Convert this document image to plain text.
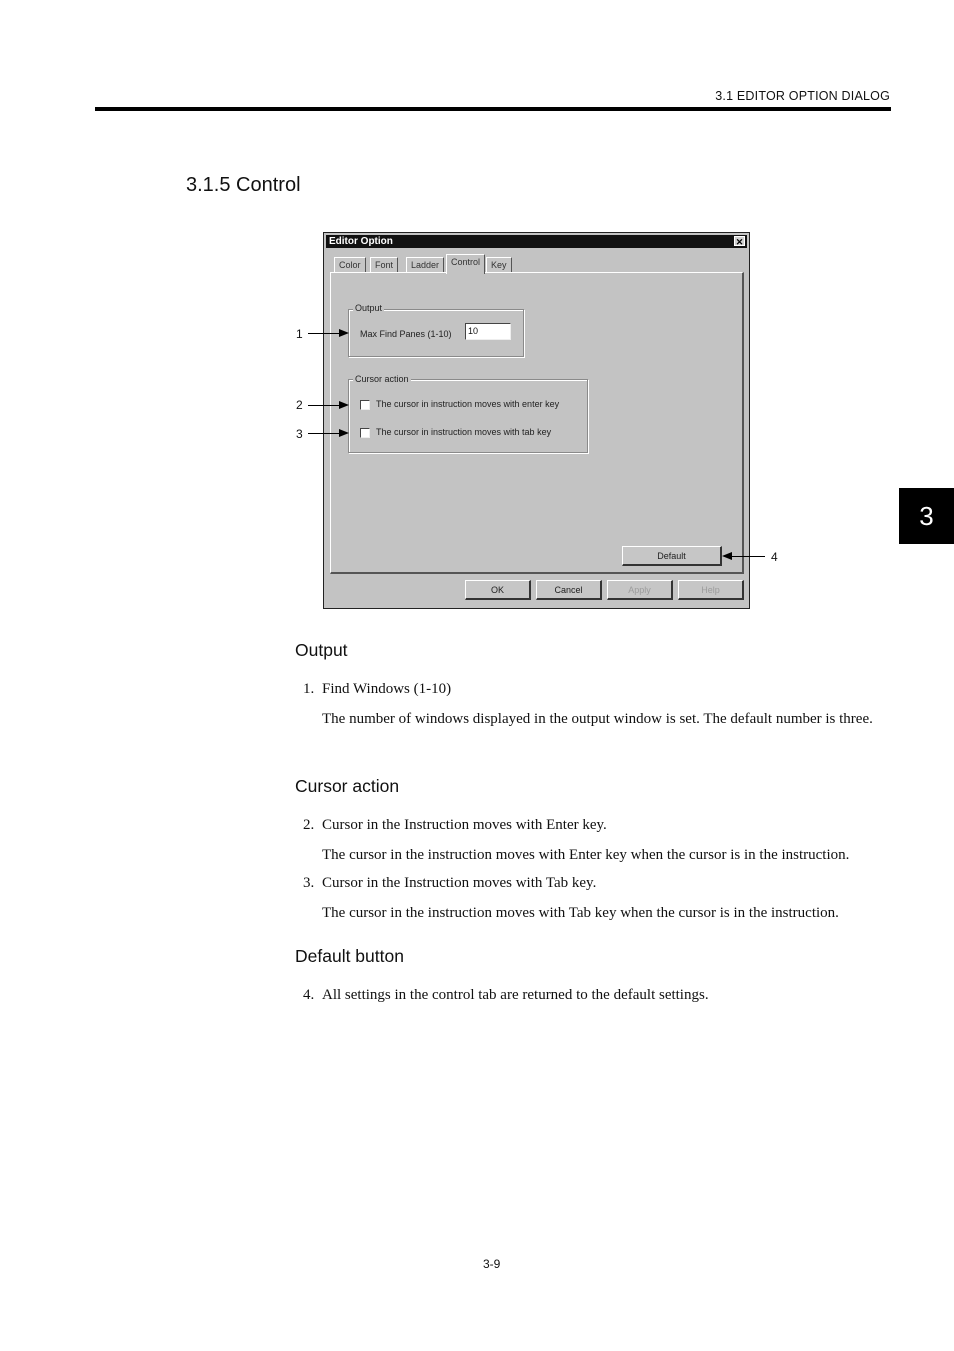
3.1 EDITOR OPTION DIALOG
3.1.5 Control
3
Editor Option	✕
Color	Font	Ladder	Control	Key
Output
Max Find Panes (1-10)	10
Cursor action
The cursor in instruction moves with enter key
The cursor in instruction moves with tab key
Default
OK	Cancel	Apply	Help
1
2
3
4
Output
1. Find Windows (1-10)
The number of windows displayed in the output window is set. The default number is three.
Cursor action
2. Cursor in the Instruction moves with Enter key.
The cursor in the instruction moves with Enter key when the cursor is in the instruction.
3. Cursor in the Instruction moves with Tab key.
The cursor in the instruction moves with Tab key when the cursor is in the instruction.
Default button
4. All settings in the control tab are returned to the default settings.
3-9
